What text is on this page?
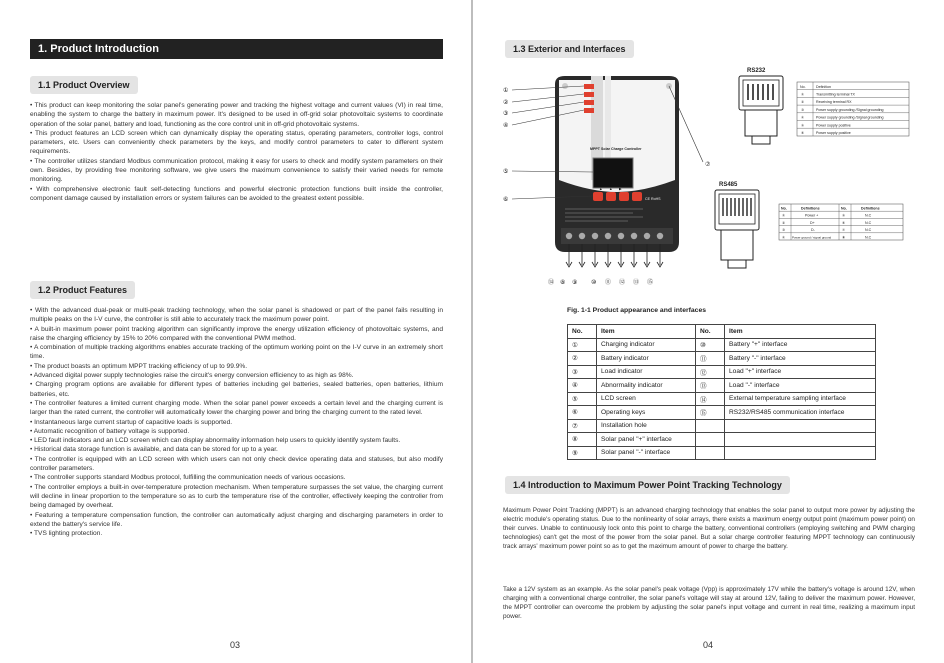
1. Product Introduction
1.1 Product Overview

• This product can keep monitoring the solar panel's generating power and tracking the highest voltage and current values (VI) in real time, enabling the system to charge the battery in maximum power. It's designed to be used in off-grid solar photovoltaic systems to coordinate operation of the solar panel, battery and load, functioning as the core control unit in off-grid photovoltaic systems.

• This product features an LCD screen which can dynamically display the operating status, operating parameters, controller logs, control parameters, etc. Users can conveniently check parameters by the keys, and modify control parameters to cater to different system requirements.

• The controller utilizes standard Modbus communication protocol, making it easy for users to check and modify system parameters on their own. Besides, by providing free monitoring software, we give users the maximum convenience to satisfy their varied needs for remote monitoring.

• With comprehensive electronic fault self-detecting functions and powerful electronic protection functions built inside the controller, component damage caused by installation errors or system failures can be avoided to the greatest extent possible.

1.2 Product Features

• With the advanced dual-peak or multi-peak tracking technology, when the solar panel is shadowed or part of the panel fails resulting in multiple peaks on the I-V curve, the controller is still able to accurately track the maximum power point.

• A built-in maximum power point tracking algorithm can significantly improve the energy utilization efficiency of photovoltaic systems, and raise the charging efficiency by 15% to 20% compared with the conventional PWM method.

• A combination of multiple tracking algorithms enables accurate tracking of the optimum working point on the I-V curve in an extremely short time.

• The product boasts an optimum MPPT tracking efficiency of up to 99.9%.

• Advanced digital power supply technologies raise the circuit's energy conversion efficiency to as high as 98%.

• Charging program options are available for different types of batteries including gel batteries, sealed batteries, open batteries, lithium batteries, etc.

• The controller features a limited current charging mode. When the solar panel power exceeds a certain level and the charging current is larger than the rated current, the controller will automatically lower the charging power and bring the charging current to the rated level.

• Instantaneous large current startup of capacitive loads is supported.

• Automatic recognition of battery voltage is supported.

• LED fault indicators and an LCD screen which can display abnormality information help users to quickly identify system faults.

• Historical data storage function is available, and data can be stored for up to a year.

• The controller is equipped with an LCD screen with which users can not only check device operating data and statuses, but also modify controller parameters.

• The controller supports standard Modbus protocol, fulfilling the communication needs of various occasions.

• The controller employs a built-in over-temperature protection mechanism. When temperature surpasses the set value, the charging current will decline in linear proportion to the temperature so as to curb the temperature rise of the controller, effectively keeping the controller from being damaged by overheat.

• Featuring a temperature compensation function, the controller can automatically adjust charging and discharging parameters in order to extend the battery's service life.

• TVS lighting protection.

03
1.3 Exterior and Interfaces
MPPT Solar Charge Controller
▲ ▲ ▶
CE RoHS
①
②
③
④
⑤
⑥
⑦
⑭ ⑧ ⑨ ⑩ ⑪ ⑫ ⑬ ⑮
RS232
No.	Definition
①	Transmitting terminal TX
②	Receiving terminal RX
③	Power supply grounding /Signal grounding
④	Power supply grounding /Signal grounding
⑤	Power supply positive
⑥	Power supply positive
RS485
No.	Definitions	No.	Definitions
①	Power +	⑤	N.C
②	D+	⑥	N.C
③	D-	⑦	N.C
④ Power ground / signal ground	⑧	N.C
Fig. 1-1 Product appearance and interfaces
No.	Item	No.	Item
①	Charging indicator	⑩	Battery "+" interface
②	Battery indicator	⑪	Battery "-" interface
③	Load indicator	⑫	Load "+" interface
④	Abnormality indicator	⑬	Load "-" interface
⑤	LCD screen	⑭	External temperature sampling interface
⑥	Operating keys	⑮	RS232/RS485 communication interface
⑦	Installation hole		
⑧	Solar panel "+" interface		
⑨	Solar panel "-" interface		
1.4 Introduction to Maximum Power Point Tracking Technology
Maximum Power Point Tracking (MPPT) is an advanced charging technology that enables the solar panel to output more power by adjusting the electric module's operating status. Due to the nonlinearity of solar arrays, there exists a maximum energy output point (maximum power point) on their curves. Unable to continuously lock onto this point to charge the battery, conventional controllers (employing switching and PWM charging technologies) can't get the most of the power from the solar panel. But a solar charge controller featuring MPPT technology can continuously track arrays' maximum power point so as to get the maximum amount of power to charge the battery.
Take a 12V system as an example. As the solar panel's peak voltage (Vpp) is approximately 17V while the battery's voltage is around 12V, when charging with a conventional charge controller, the solar panel's voltage will stay at around 12V, failing to deliver the maximum power. However, the MPPT controller can overcome the problem by adjusting the solar panel's input voltage and current in real time, realizing a maximum input power.
04
